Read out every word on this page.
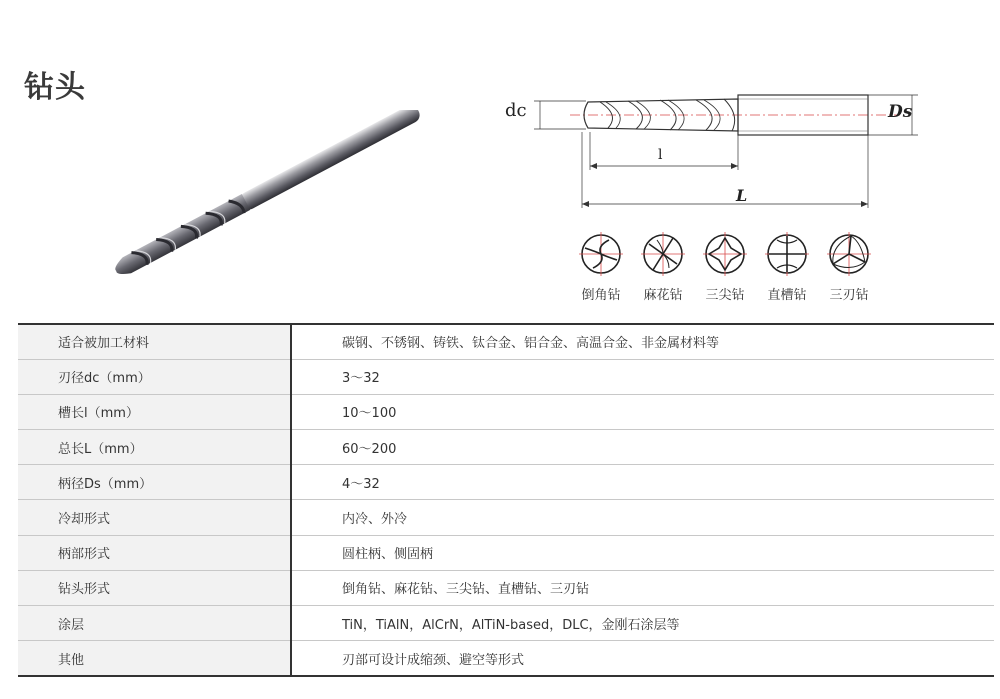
钻头
dc	Ds
l
L
倒角钻 麻花钻 三尖钻 直槽钻 三刃钻
适合被加工材料	碳钢、不锈钢、铸铁、钛合金、铝合金、高温合金、非金属材料等
刃径dc（mm）	3～32
槽长l（mm）	10～100
总长L（mm）	60～200
柄径Ds（mm）	4～32
冷却形式	内冷、外冷
柄部形式	圆柱柄、侧固柄
钻头形式	倒角钻、麻花钻、三尖钻、直槽钻、三刃钻
涂层	TiN，TiAlN，AlCrN，AlTiN-based，DLC，金刚石涂层等
其他	刃部可设计成缩颈、避空等形式
